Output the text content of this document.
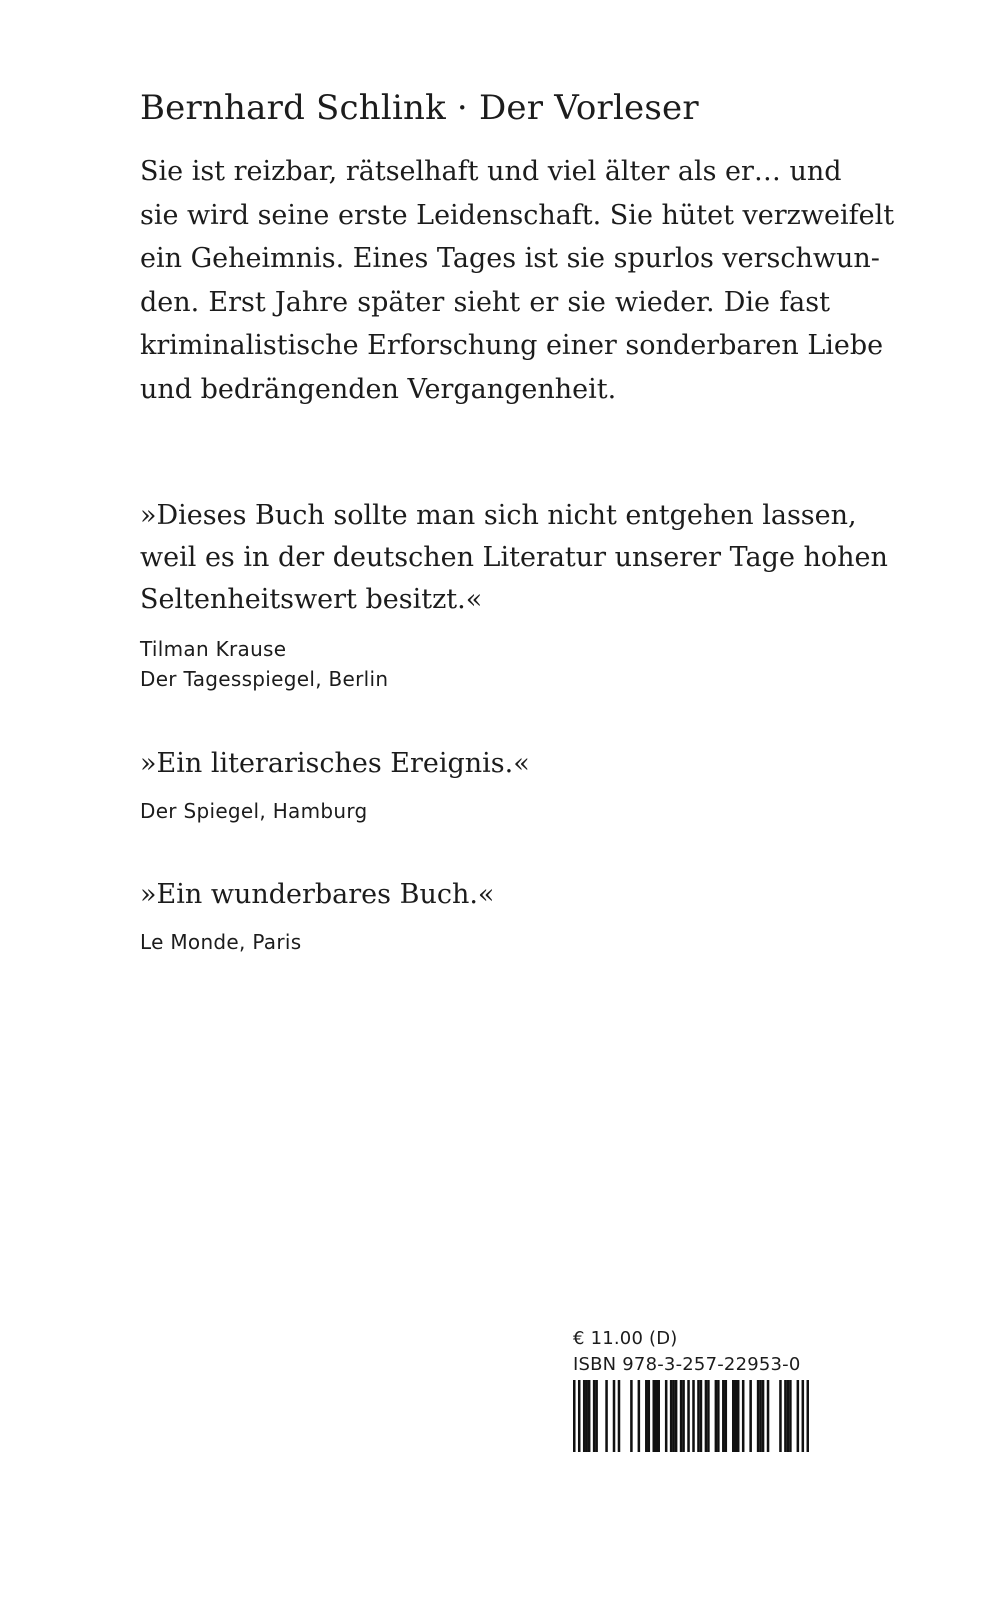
Bernhard Schlink · Der Vorleser

Sie ist reizbar, rätselhaft und viel älter als er… und
sie wird seine erste Leidenschaft. Sie hütet verzweifelt
ein Geheimnis. Eines Tages ist sie spurlos verschwun-
den. Erst Jahre später sieht er sie wieder. Die fast
kriminalistische Erforschung einer sonderbaren Liebe
und bedrängenden Vergangenheit.

»Dieses Buch sollte man sich nicht entgehen lassen,
weil es in der deutschen Literatur unserer Tage hohen
Seltenheitswert besitzt.«

Tilman Krause
Der Tagesspiegel, Berlin

»Ein literarisches Ereignis.«

Der Spiegel, Hamburg

»Ein wunderbares Buch.«

Le Monde, Paris

€ 11.00 (D)
ISBN 978-3-257-22953-0
